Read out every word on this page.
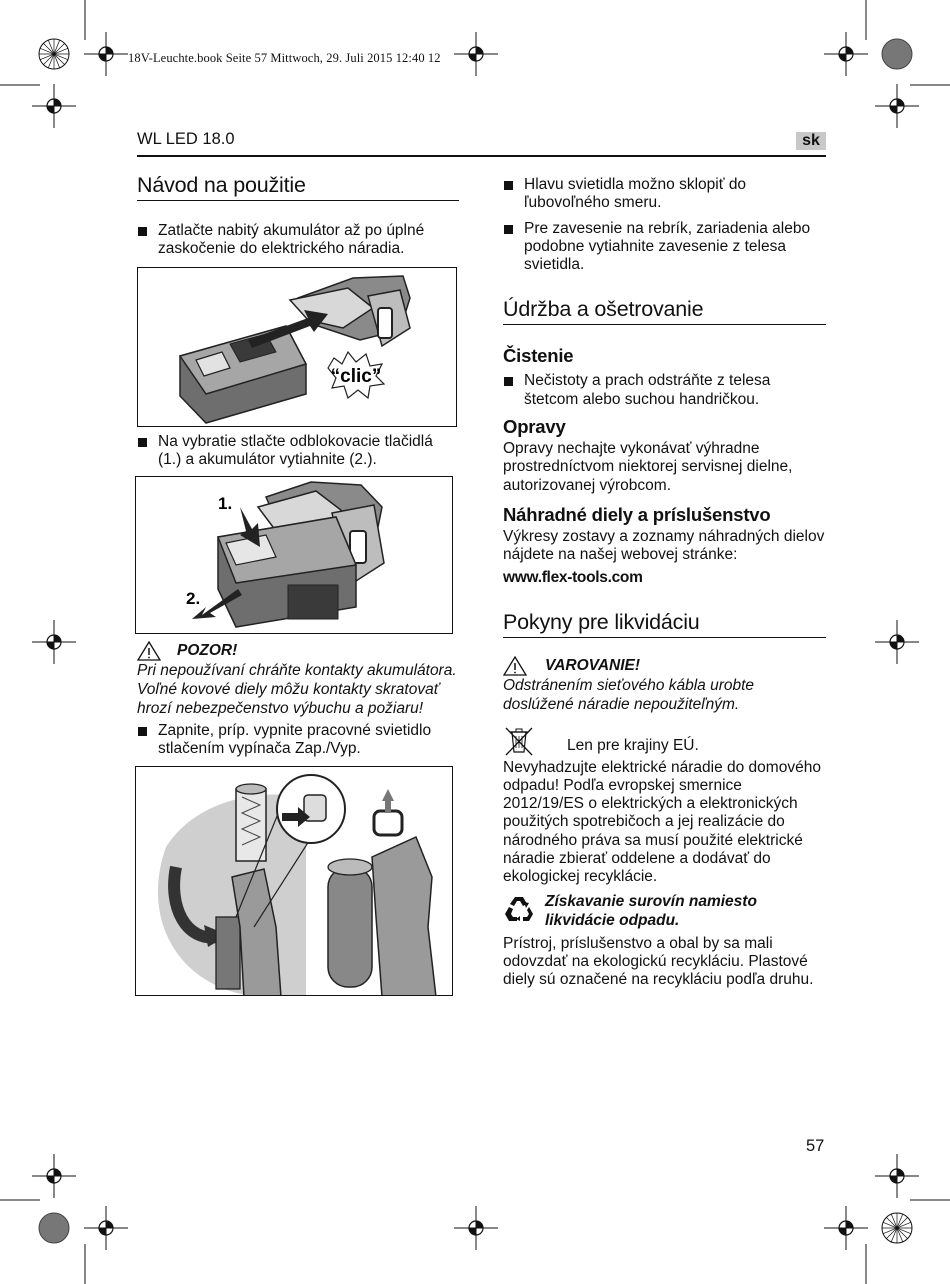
18V-Leuchte.book Seite 57 Mittwoch, 29. Juli 2015 12:40 12
WL LED 18.0	sk
Návod na použitie
Zatlačte nabitý akumulátor až po úplné zaskočenie do elektrického náradia.
“clic”
Na vybratie stlačte odblokovacie tlačidlá (1.) a akumulátor vytiahnite (2.).
1.
2.
POZOR!
Pri nepoužívaní chráňte kontakty akumulátora. Voľné kovové diely môžu kontakty skratovať hrozí nebezpečenstvo výbuchu a požiaru!
Zapnite, príp. vypnite pracovné svietidlo stlačením vypínača Zap./Vyp.
Hlavu svietidla možno sklopiť do ľubovoľného smeru.
Pre zavesenie na rebrík, zariadenia alebo podobne vytiahnite zavesenie z telesa svietidla.
Údržba a ošetrovanie
Čistenie
Nečistoty a prach odstráňte z telesa štetcom alebo suchou handričkou.
Opravy
Opravy nechajte vykonávať výhradne prostredníctvom niektorej servisnej dielne, autorizovanej výrobcom.
Náhradné diely a príslušenstvo
Výkresy zostavy a zoznamy náhradných dielov nájdete na našej webovej stránke:
www.flex-tools.com
Pokyny pre likvidáciu
VAROVANIE!
Odstránením sieťového kábla urobte doslúžené náradie nepoužiteľným.
Len pre krajiny EÚ.
Nevyhadzujte elektrické náradie do domového odpadu! Podľa evropskej smernice 2012/19/ES o elektrických a elektronických použitých spotrebičoch a jej realizácie do národného práva sa musí použité elektrické náradie zbierať oddelene a dodávať do ekologickej recyklácie.
Získavanie surovín namiesto likvidácie odpadu.
Prístroj, príslušenstvo a obal by sa mali odovzdať na ekologickú recykláciu. Plastové diely sú označené na recykláciu podľa druhu.
57
